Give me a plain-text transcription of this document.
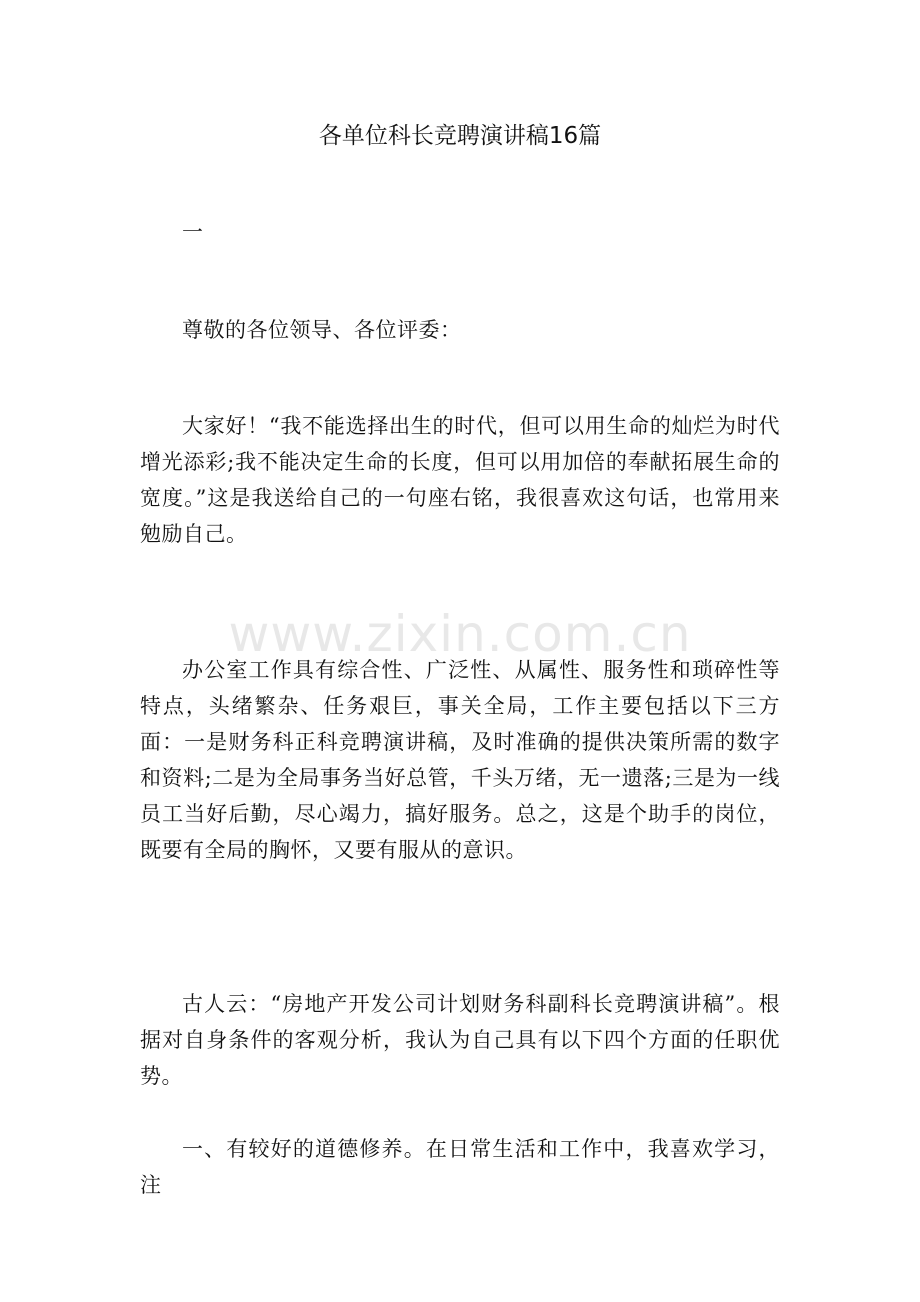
各单位科长竞聘演讲稿16篇

一

尊敬的各位领导、各位评委：

大家好！“我不能选择出生的时代，但可以用生命的灿烂为时代增光添彩;我不能决定生命的长度，但可以用加倍的奉献拓展生命的宽度。”这是我送给自己的一句座右铭，我很喜欢这句话，也常用来勉励自己。

www.zixin.com.cn

办公室工作具有综合性、广泛性、从属性、服务性和琐碎性等特点，头绪繁杂、任务艰巨，事关全局，工作主要包括以下三方面：一是财务科正科竞聘演讲稿，及时准确的提供决策所需的数字和资料;二是为全局事务当好总管，千头万绪，无一遗落;三是为一线员工当好后勤，尽心竭力，搞好服务。总之，这是个助手的岗位，既要有全局的胸怀，又要有服从的意识。

古人云：“房地产开发公司计划财务科副科长竞聘演讲稿”。根据对自身条件的客观分析，我认为自己具有以下四个方面的任职优势。

一、有较好的道德修养。在日常生活和工作中，我喜欢学习，注
